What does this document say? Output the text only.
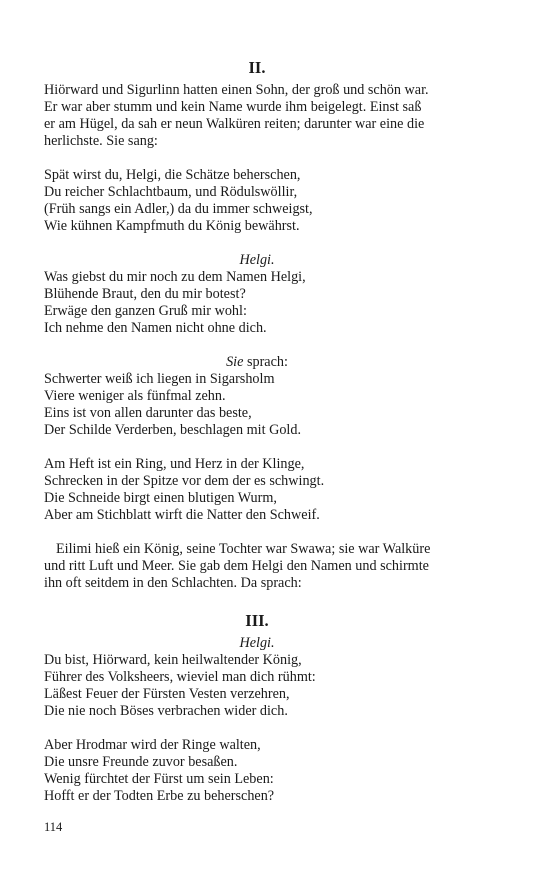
II.
Hiörward und Sigurlinn hatten einen Sohn, der groß und schön war.
Er war aber stumm und kein Name wurde ihm beigelegt. Einst saß
er am Hügel, da sah er neun Walküren reiten; darunter war eine die
herlichste. Sie sang:
Spät wirst du, Helgi, die Schätze beherschen,
Du reicher Schlachtbaum, und Rödulswöllir,
(Früh sangs ein Adler,) da du immer schweigst,
Wie kühnen Kampfmuth du König bewährst.
Helgi.
Was giebst du mir noch zu dem Namen Helgi,
Blühende Braut, den du mir botest?
Erwäge den ganzen Gruß mir wohl:
Ich nehme den Namen nicht ohne dich.
Sie sprach:
Schwerter weiß ich liegen in Sigarsholm
Viere weniger als fünfmal zehn.
Eins ist von allen darunter das beste,
Der Schilde Verderben, beschlagen mit Gold.
Am Heft ist ein Ring, und Herz in der Klinge,
Schrecken in der Spitze vor dem der es schwingt.
Die Schneide birgt einen blutigen Wurm,
Aber am Stichblatt wirft die Natter den Schweif.
Eilimi hieß ein König, seine Tochter war Swawa; sie war Walküre
und ritt Luft und Meer. Sie gab dem Helgi den Namen und schirmte
ihn oft seitdem in den Schlachten. Da sprach:
III.
Helgi.
Du bist, Hiörward, kein heilwaltender König,
Führer des Volksheers, wieviel man dich rühmt:
Läßest Feuer der Fürsten Vesten verzehren,
Die nie noch Böses verbrachen wider dich.
Aber Hrodmar wird der Ringe walten,
Die unsre Freunde zuvor besaßen.
Wenig fürchtet der Fürst um sein Leben:
Hofft er der Todten Erbe zu beherschen?
114
